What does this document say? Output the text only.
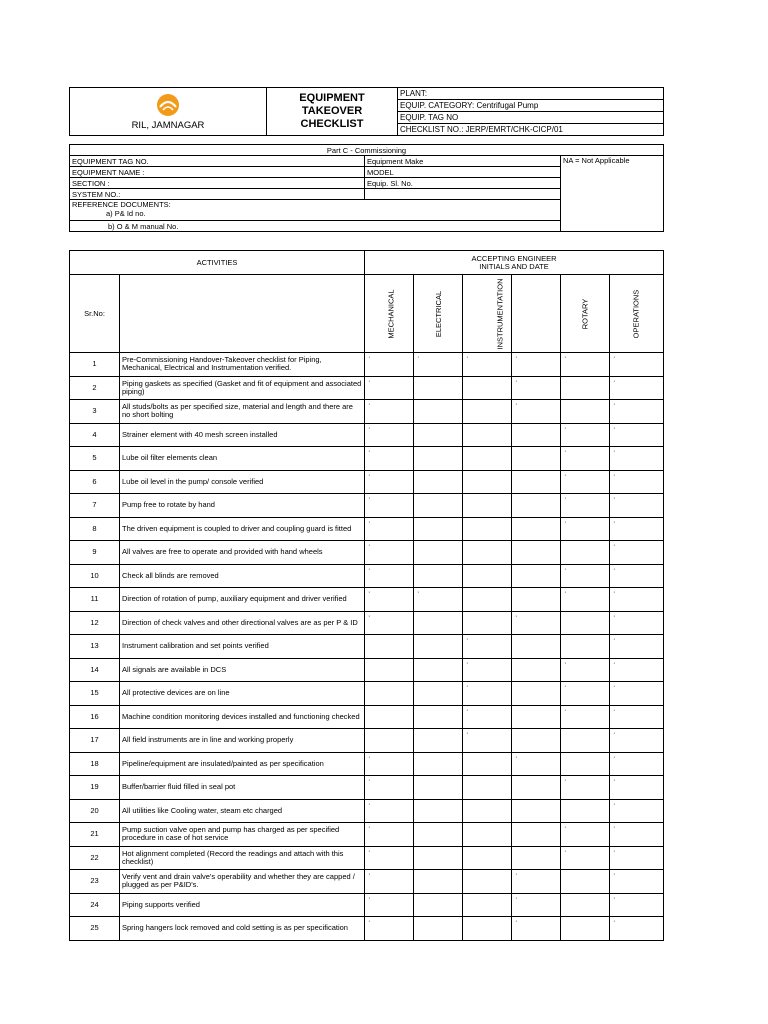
RIL, JAMNAGAR	EQUIPMENT TAKEOVER CHECKLIST	PLANT:
EQUIP. CATEGORY: Centrifugal Pump
EQUIP. TAG NO
CHECKLIST NO.: JERP/EMRT/CHK-CICP/01
Part C - Commissioning		
EQUIPMENT TAG NO.	Equipment Make	NA = Not Applicable
EQUIPMENT NAME :	MODEL	
SECTION :	Equip. Sl. No.	
SYSTEM NO.:		

REFERENCE DOCUMENTS:
a) P& Id no.		

b) O & M manual No.		
ACTIVITIES		ACCEPTING ENGINEER
INITIALS AND DATE					

Sr.No:		MECHANICAL	ELECTRICAL	INSTRUMENTATION		ROTARY	OPERATIONS
1	Pre-Commissioning Handover-Takeover checklist for Piping, Mechanical, Electrical and Instrumentation verified.	·	·	·	·	·	·
2	Piping gaskets as specified (Gasket and fit of equipment and associated piping)	·			·		·
3	All studs/bolts as per specified size, material and length and there are no short bolting	·			·		·
4	Strainer element with 40 mesh screen installed	·				·	·
5	Lube oil filter elements clean	·				·	·
6	Lube oil level in the pump/ console verified	·				·	·
7	Pump free to rotate by hand	·				·	·
8	The driven equipment is coupled to driver and coupling guard is fitted	·				·	·
9	All valves are free to operate and provided with hand wheels	·					·
10	Check all blinds are removed	·				·	·
11	Direction of rotation of pump, auxiliary equipment and driver verified	·	·			·	·
12	Direction of check valves and other directional valves are as per P & ID	·			·		·
13	Instrument calibration and set points verified			·			·
14	All signals are available in DCS			·		·	·
15	All protective devices are on line			·		·	·
16	Machine condition monitoring devices installed and functioning checked			·		·	·
17	All field instruments are in line and working properly			·			·
18	Pipeline/equipment are insulated/painted as per specification	·			·		·
19	Buffer/barrier fluid filled in seal pot	·				·	·
20	All utilities like Cooling water, steam etc charged	·					·
21	Pump suction valve open and pump has charged as per specified procedure in case of hot service	·				·	·
22	Hot alignment completed (Record the readings and attach with this checklist)	·				·	·
23	Verify vent and drain valve's operability and whether they are capped / plugged as per P&ID's.	·			·		·
24	Piping supports verified	·			·		·
25	Spring hangers lock removed and cold setting is as per specification	·			·		·
